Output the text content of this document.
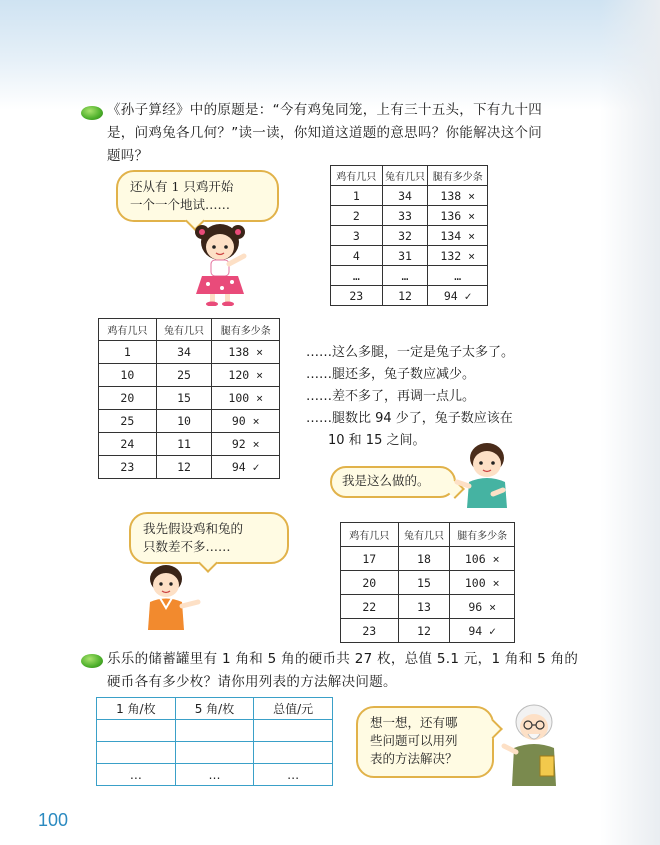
《孙子算经》中的原题是：“今有鸡兔同笼，上有三十五头，下有九十四
是，问鸡兔各几何？”读一读，你知道这道题的意思吗？你能解决这个问
题吗？
还从有 1 只鸡开始
一个一个地试……
鸡有几只	兔有几只	腿有多少条
1	34	138 ×
2	33	136 ×
3	32	134 ×
4	31	132 ×
…	…	…
23	12	94 ✓
鸡有几只	兔有几只	腿有多少条
1	34	138 ×
10	25	120 ×
20	15	100 ×
25	10	90 ×
24	11	92 ×
23	12	94 ✓
……这么多腿，一定是兔子太多了。
……腿还多，兔子数应减少。
……差不多了，再调一点儿。
……腿数比 94 少了，兔子数应该在
10 和 15 之间。
我是这么做的。
我先假设鸡和兔的
只数差不多……
鸡有几只	兔有几只	腿有多少条
17	18	106 ×
20	15	100 ×
22	13	96 ×
23	12	94 ✓
乐乐的储蓄罐里有 1 角和 5 角的硬币共 27 枚，总值 5.1 元，1 角和 5 角的
硬币各有多少枚？请你用列表的方法解决问题。
1 角/枚	5 角/枚	总值/元

…	…	…
想一想，还有哪
些问题可以用列
表的方法解决？
100
